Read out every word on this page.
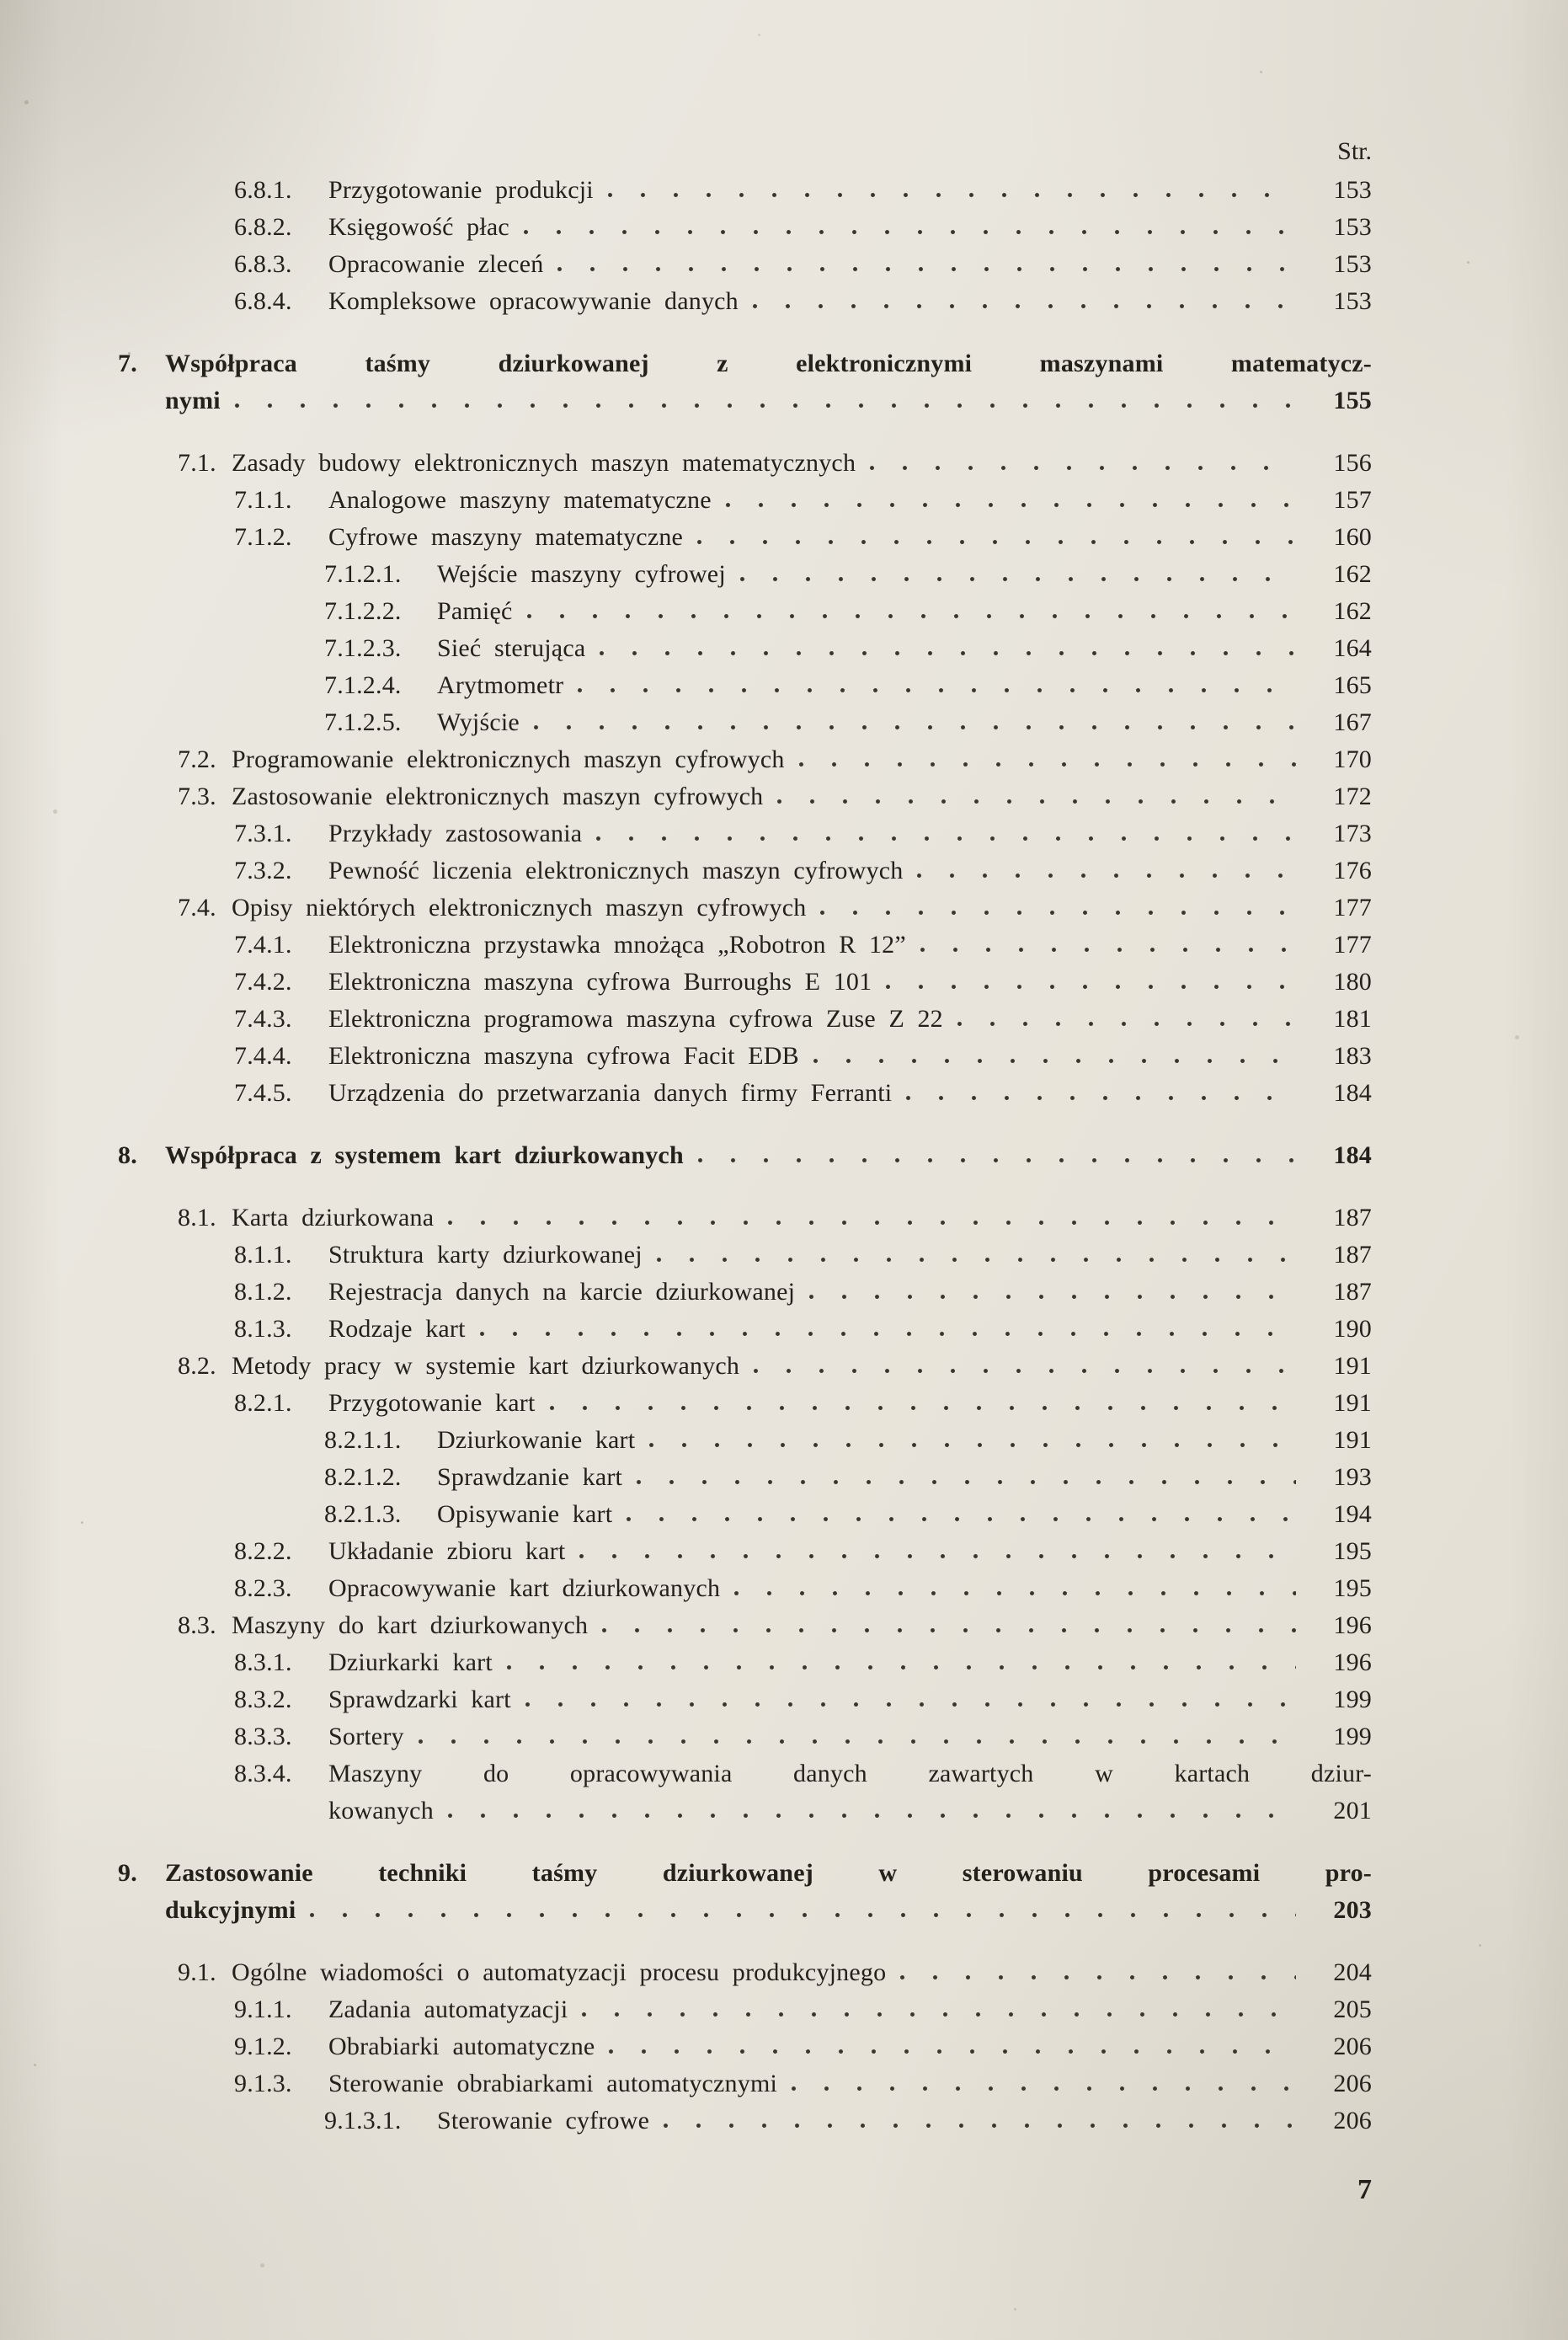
Str.
6.8.1.	Przygotowanie produkcji	153
6.8.2.	Księgowość płac	153
6.8.3.	Opracowanie zleceń	153
6.8.4.	Kompleksowe opracowywanie danych	153
7.	Współpraca taśmy dziurkowanej z elektronicznymi maszynami matematycz-
nymi	155
7.1. Zasady budowy elektronicznych maszyn matematycznych	156
7.1.1.	Analogowe maszyny matematyczne	157
7.1.2.	Cyfrowe maszyny matematyczne	160
7.1.2.1.	Wejście maszyny cyfrowej	162
7.1.2.2.	Pamięć	162
7.1.2.3.	Sieć sterująca	164
7.1.2.4.	Arytmometr	165
7.1.2.5.	Wyjście	167
7.2. Programowanie elektronicznych maszyn cyfrowych	170
7.3. Zastosowanie elektronicznych maszyn cyfrowych	172
7.3.1.	Przykłady zastosowania	173
7.3.2.	Pewność liczenia elektronicznych maszyn cyfrowych	176
7.4. Opisy niektórych elektronicznych maszyn cyfrowych	177
7.4.1.	Elektroniczna przystawka mnożąca „Robotron R 12”	177
7.4.2.	Elektroniczna maszyna cyfrowa Burroughs E 101	180
7.4.3.	Elektroniczna programowa maszyna cyfrowa Zuse Z 22	181
7.4.4.	Elektroniczna maszyna cyfrowa Facit EDB	183
7.4.5.	Urządzenia do przetwarzania danych firmy Ferranti	184
8.	Współpraca z systemem kart dziurkowanych	184
8.1. Karta dziurkowana	187
8.1.1.	Struktura karty dziurkowanej	187
8.1.2.	Rejestracja danych na karcie dziurkowanej	187
8.1.3.	Rodzaje kart	190
8.2. Metody pracy w systemie kart dziurkowanych	191
8.2.1.	Przygotowanie kart	191
8.2.1.1.	Dziurkowanie kart	191
8.2.1.2.	Sprawdzanie kart	193
8.2.1.3.	Opisywanie kart	194
8.2.2.	Układanie zbioru kart	195
8.2.3.	Opracowywanie kart dziurkowanych	195
8.3. Maszyny do kart dziurkowanych	196
8.3.1.	Dziurkarki kart	196
8.3.2.	Sprawdzarki kart	199
8.3.3.	Sortery	199
8.3.4.	Maszyny do opracowywania danych zawartych w kartach dziur-
kowanych	201
9.	Zastosowanie techniki taśmy dziurkowanej w sterowaniu procesami pro-
dukcyjnymi	203
9.1. Ogólne wiadomości o automatyzacji procesu produkcyjnego	204
9.1.1.	Zadania automatyzacji	205
9.1.2.	Obrabiarki automatyczne	206
9.1.3.	Sterowanie obrabiarkami automatycznymi	206
9.1.3.1.	Sterowanie cyfrowe	206
7
